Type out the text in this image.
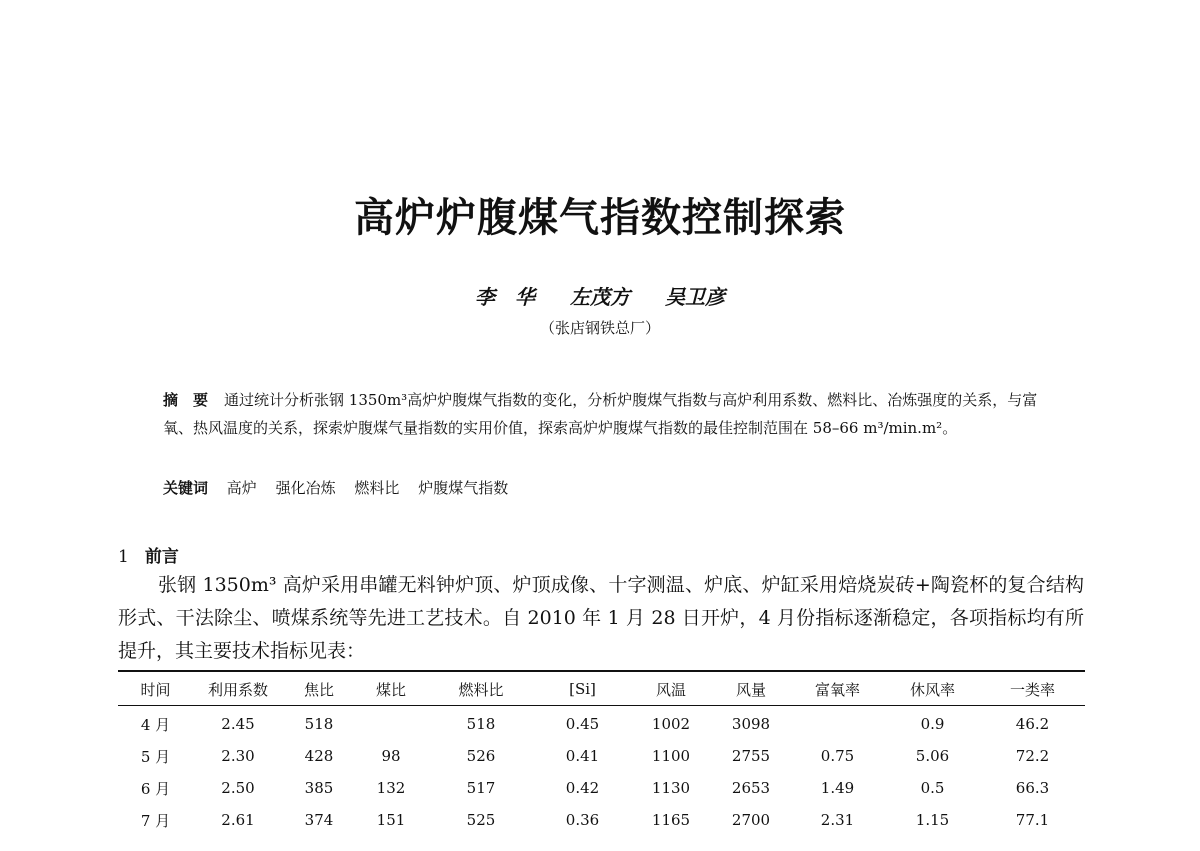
高炉炉腹煤气指数控制探索
李　华 左茂方 吴卫彦
（张店钢铁总厂）
摘　要 通过统计分析张钢 1350m³高炉炉腹煤气指数的变化，分析炉腹煤气指数与高炉利用系数、燃料比、冶炼强度的关系，与富氧、热风温度的关系，探索炉腹煤气量指数的实用价值，探索高炉炉腹煤气指数的最佳控制范围在 58–66 m³/min.m²。
关键词 高炉 强化冶炼 燃料比 炉腹煤气指数
1 前言

张钢 1350m³ 高炉采用串罐无料钟炉顶、炉顶成像、十字测温、炉底、炉缸采用焙烧炭砖+陶瓷杯的复合结构形式、干法除尘、喷煤系统等先进工艺技术。自 2010 年 1 月 28 日开炉，4 月份指标逐渐稳定，各项指标均有所提升，其主要技术指标见表：

时间	利用系数	焦比	煤比	燃料比	[Si]	风温	风量	富氧率	休风率	一类率
4 月	2.45	518		518	0.45	1002	3098		0.9	46.2
5 月	2.30	428	98	526	0.41	1100	2755	0.75	5.06	72.2
6 月	2.50	385	132	517	0.42	1130	2653	1.49	0.5	66.3
7 月	2.61	374	151	525	0.36	1165	2700	2.31	1.15	77.1
